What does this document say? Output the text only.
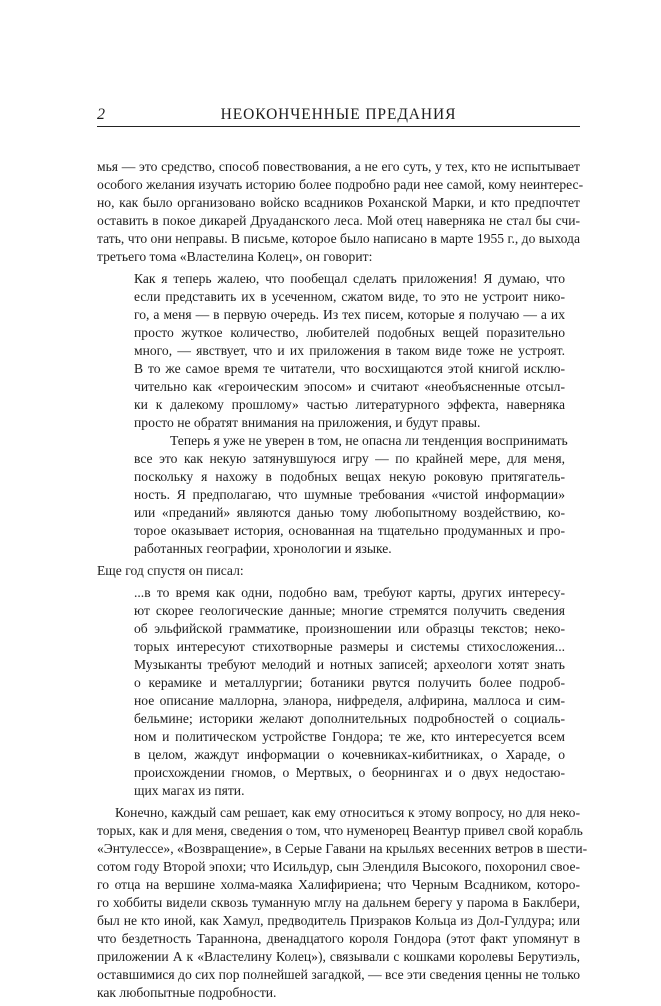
2	НЕОКОНЧЕННЫЕ ПРЕДАНИЯ
мья — это средство, способ повествования, а не его суть, у тех, кто не испытывает
особого желания изучать историю более подробно ради нее самой, кому неинтерес-
но, как было организовано войско всадников Роханской Марки, и кто предпочтет
оставить в покое дикарей Друаданского леса. Мой отец наверняка не стал бы счи-
тать, что они неправы. В письме, которое было написано в марте 1955 г., до выхода
третьего тома «Властелина Колец», он говорит:
Как я теперь жалею, что пообещал сделать приложения! Я думаю, что
если представить их в усеченном, сжатом виде, то это не устроит нико-
го, а меня — в первую очередь. Из тех писем, которые я получаю — а их
просто жуткое количество, любителей подобных вещей поразительно
много, — явствует, что и их приложения в таком виде тоже не устроят.
В то же самое время те читатели, что восхищаются этой книгой исклю-
чительно как «героическим эпосом» и считают «необъясненные отсыл-
ки к далекому прошлому» частью литературного эффекта, наверняка
просто не обратят внимания на приложения, и будут правы.
Теперь я уже не уверен в том, не опасна ли тенденция воспринимать
все это как некую затянувшуюся игру — по крайней мере, для меня,
поскольку я нахожу в подобных вещах некую роковую притягатель-
ность. Я предполагаю, что шумные требования «чистой информации»
или «преданий» являются данью тому любопытному воздействию, ко-
торое оказывает история, основанная на тщательно продуманных и про-
работанных географии, хронологии и языке.
Еще год спустя он писал:
...в то время как одни, подобно вам, требуют карты, других интересу-
ют скорее геологические данные; многие стремятся получить сведения
об эльфийской грамматике, произношении или образцы текстов; неко-
торых интересуют стихотворные размеры и системы стихосложения...
Музыканты требуют мелодий и нотных записей; археологи хотят знать
о керамике и металлургии; ботаники рвутся получить более подроб-
ное описание маллорна, эланора, нифределя, алфирина, маллоса и сим-
бельмине; историки желают дополнительных подробностей о социаль-
ном и политическом устройстве Гондора; те же, кто интересуется всем
в целом, жаждут информации о кочевниках-кибитниках, о Хараде, о
происхождении гномов, о Мертвых, о беорнингах и о двух недостаю-
щих магах из пяти.
Конечно, каждый сам решает, как ему относиться к этому вопросу, но для неко-
торых, как и для меня, сведения о том, что нуменорец Веантур привел свой корабль
«Энтулессе», «Возвращение», в Серые Гавани на крыльях весенних ветров в шести-
сотом году Второй эпохи; что Исильдур, сын Элендиля Высокого, похоронил свое-
го отца на вершине холма-маяка Халифириена; что Черным Всадником, которо-
го хоббиты видели сквозь туманную мглу на дальнем берегу у парома в Баклбери,
был не кто иной, как Хамул, предводитель Призраков Кольца из Дол-Гулдура; или
что бездетность Тараннона, двенадцатого короля Гондора (этот факт упомянут в
приложении А к «Властелину Колец»), связывали с кошками королевы Берутиэль,
оставшимися до сих пор полнейшей загадкой, — все эти сведения ценны не только
как любопытные подробности.
